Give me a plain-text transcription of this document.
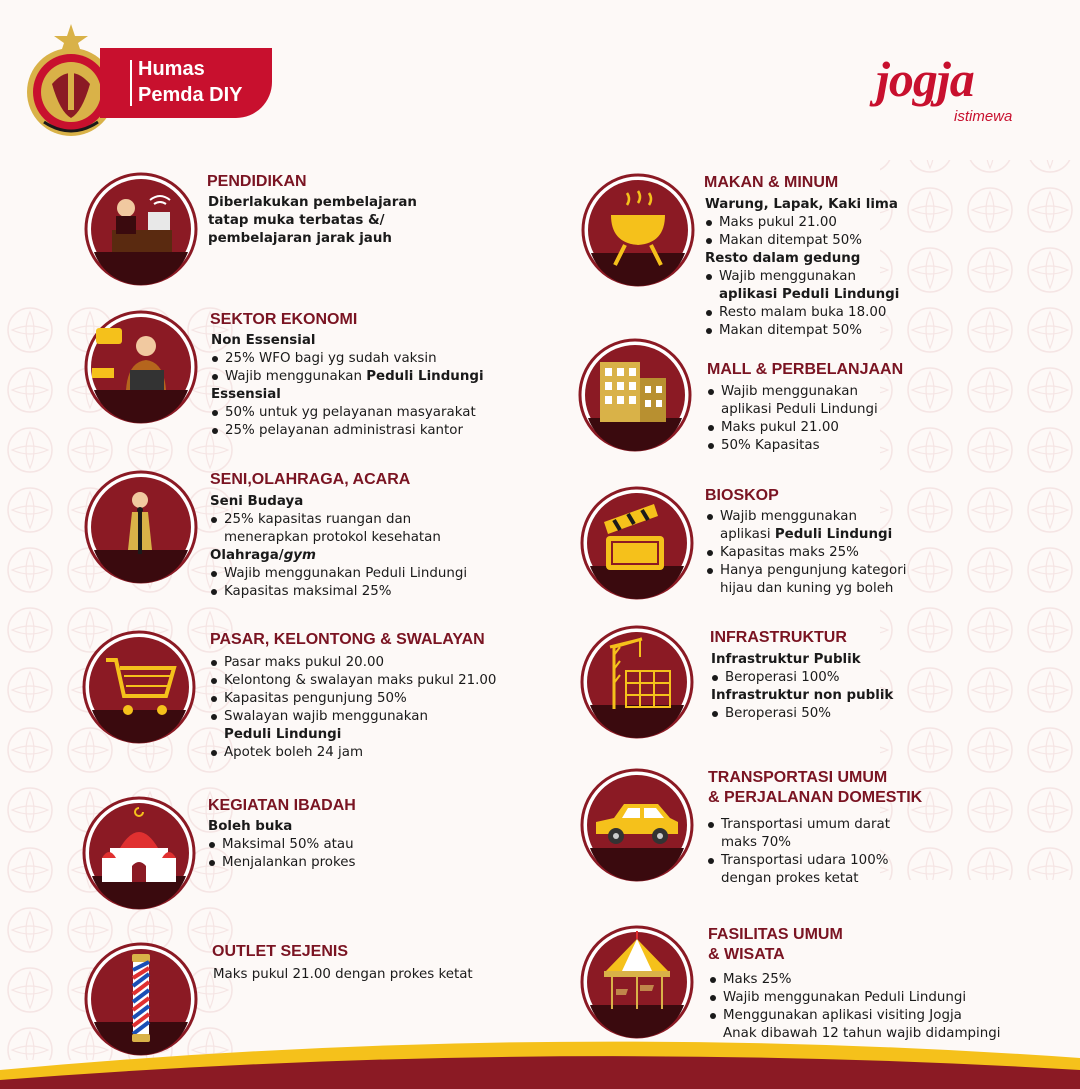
Humas
Pemda DIY	jogja
istimewa
PENDIDIKAN
Diberlakukan pembelajaran
tatap muka terbatas &/
pembelajaran jarak jauh
SEKTOR EKONOMI
Non Essensial
25% WFO bagi yg sudah vaksin
Wajib menggunakan Peduli Lindungi
Essensial
50% untuk yg pelayanan masyarakat
25% pelayanan administrasi kantor
SENI,OLAHRAGA, ACARA
Seni Budaya
25% kapasitas ruangan dan
menerapkan protokol kesehatan
Olahraga/gym
Wajib menggunakan Peduli Lindungi
Kapasitas maksimal 25%
PASAR, KELONTONG & SWALAYAN
Pasar maks pukul 20.00
Kelontong & swalayan maks pukul 21.00
Kapasitas pengunjung 50%
Swalayan wajib menggunakan
Peduli Lindungi
Apotek boleh 24 jam
KEGIATAN IBADAH
Boleh buka
Maksimal 50% atau
Menjalankan prokes
OUTLET SEJENIS
Maks pukul 21.00 dengan prokes ketat
MAKAN & MINUM
Warung, Lapak, Kaki lima
Maks pukul 21.00
Makan ditempat 50%
Resto dalam gedung
Wajib menggunakan
aplikasi Peduli Lindungi
Resto malam buka 18.00
Makan ditempat 50%
MALL & PERBELANJAAN
Wajib menggunakan
aplikasi Peduli Lindungi
Maks pukul 21.00
50% Kapasitas
BIOSKOP
Wajib menggunakan
aplikasi Peduli Lindungi
Kapasitas maks 25%
Hanya pengunjung kategori
hijau dan kuning yg boleh
INFRASTRUKTUR
Infrastruktur Publik
Beroperasi 100%
Infrastruktur non publik
Beroperasi 50%
TRANSPORTASI UMUM
& PERJALANAN DOMESTIK
Transportasi umum darat
maks 70%
Transportasi udara 100%
dengan prokes ketat
FASILITAS UMUM
& WISATA
Maks 25%
Wajib menggunakan Peduli Lindungi
Menggunakan aplikasi visiting Jogja
Anak dibawah 12 tahun wajib didampingi
